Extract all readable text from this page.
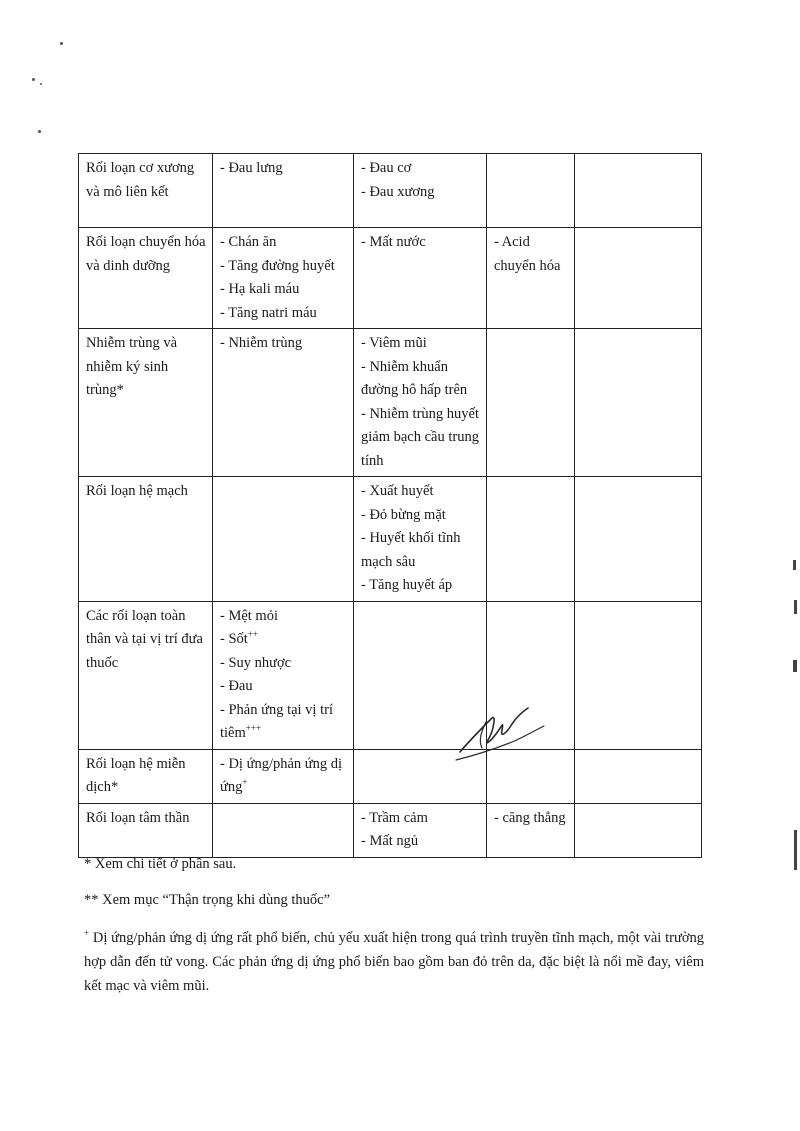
Rối loạn cơ xương và mô liên kết	- Đau lưng	- Đau cơ
- Đau xương		

Rối loạn chuyển hóa và dinh dưỡng	- Chán ăn
- Tăng đường huyết
- Hạ kali máu
- Tăng natri máu	- Mất nước	- Acid chuyển hóa	

Nhiễm trùng và nhiễm ký sinh trùng*	- Nhiễm trùng	- Viêm mũi
- Nhiễm khuẩn đường hô hấp trên
- Nhiễm trùng huyết giảm bạch cầu trung tính		

Rối loạn hệ mạch		- Xuất huyết
- Đỏ bừng mặt
- Huyết khối tĩnh mạch sâu
- Tăng huyết áp		

Các rối loạn toàn thân và tại vị trí đưa thuốc	- Mệt mỏi
- Sốt++
- Suy nhược
- Đau
- Phản ứng tại vị trí tiêm+++

Rối loạn hệ miễn dịch*	- Dị ứng/phản ứng dị ứng+

Rối loạn tâm thần		- Trầm cảm
- Mất ngủ	- căng thẳng	

* Xem chi tiết ở phần sau.
** Xem mục “Thận trọng khi dùng thuốc”
+ Dị ứng/phản ứng dị ứng rất phổ biến, chủ yếu xuất hiện trong quá trình truyền tĩnh mạch, một vài trường hợp dẫn đến tử vong. Các phản ứng dị ứng phổ biến bao gồm ban đỏ trên da, đặc biệt là nổi mề đay, viêm kết mạc và viêm mũi.
